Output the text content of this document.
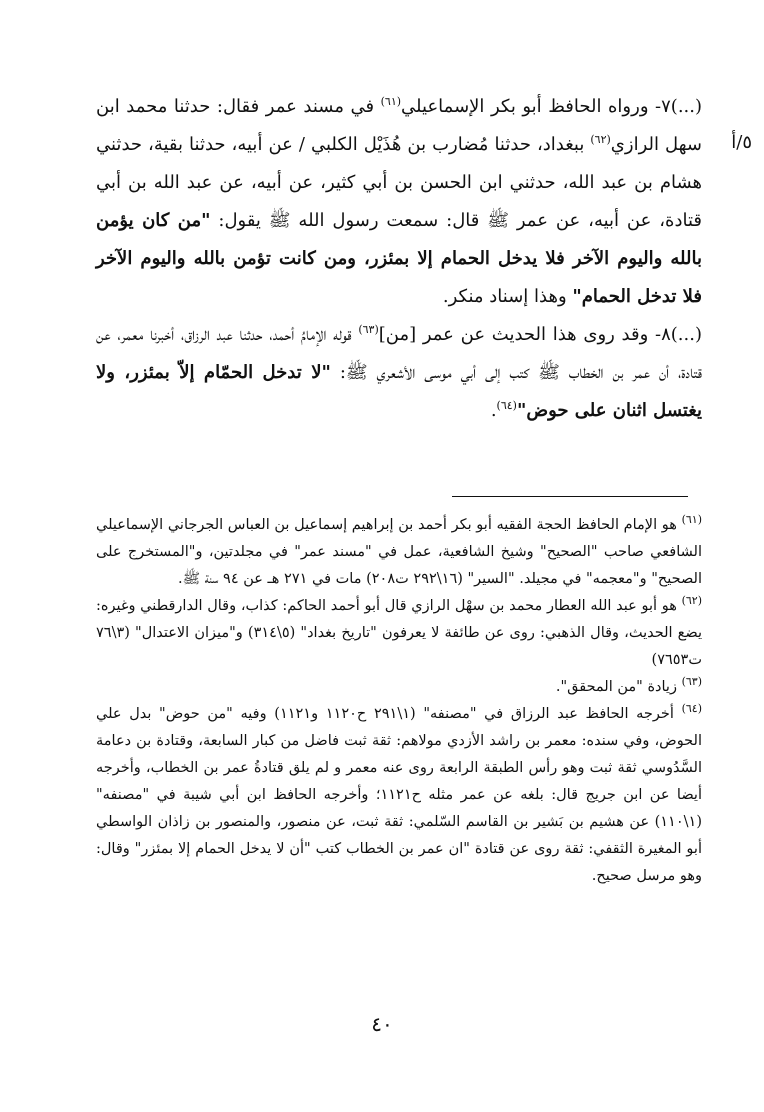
٥/أ

(...)٧- ورواه الحافظ أبو بكر الإسماعيلي$^{(٦١)}$ في مسند عمر فقال: حدثنا محمد ابن سهل الرازي$^{(٦٢)}$ ببغداد، حدثنا مُضارب بن هُذَيْل الكلبي / عن أبيه، حدثنا بقية، حدثني هشام بن عبد الله، حدثني ابن الحسن بن أبي كثير، عن أبيه، عن عبد الله بن أبي قتادة، عن أبيه، عن عمر ﷺ قال: سمعت رسول الله ﷺ يقول: "من كان يؤمن بالله واليوم الآخر فلا يدخل الحمام إلا بمئزر، ومن كانت تؤمن بالله واليوم الآخر فلا تدخل الحمام" وهذا إسناد منكر.

(...)٨- وقد روى هذا الحديث عن عمر [من]$^{(٦٣)}$ قوله الإمامُ أحمد، حدثنا عبد الرزاق، أخبرنا معمر، عن قتادة، أن عمر بن الخطاب ﷺ كتب إلى أبي موسى الأشعري ﷺ: "لا تدخل الحمّام إلاّ بمئزر، ولا يغتسل اثنان على حوض"$^{(٦٤)}$.

$^{(٦١)}$ هو الإمام الحافظ الحجة الفقيه أبو بكر أحمد بن إبراهيم إسماعيل بن العباس الجرجاني الإسماعيلي الشافعي صاحب "الصحيح" وشيخ الشافعية، عمل في "مسند عمر" في مجلدتين، و"المستخرج على الصحيح" و"معجمه" في مجيلد. "السير" (١٦\٢٩٢ ت٢٠٨) مات في ٢٧١ هـ عن ٩٤ سنة ﷺ.

$^{(٦٢)}$ هو أبو عبد الله العطار محمد بن سهْل الرازي قال أبو أحمد الحاكم: كذاب، وقال الدارقطني وغيره: يضع الحديث، وقال الذهبي: روى عن طائفة لا يعرفون "تاريخ بغداد" (٥\٣١٤) و"ميزان الاعتدال" (٣\٧٦ ت٧٦٥٣)

$^{(٦٣)}$ زيادة "من المحقق".

$^{(٦٤)}$ أخرجه الحافظ عبد الرزاق في "مصنفه" (١\٢٩١ ح١١٢٠ و١١٢١) وفيه "من حوض" بدل علي الحوض، وفي سنده: معمر بن راشد الأزدي مولاهم: ثقة ثبت فاضل من كبار السابعة، وقتادة بن دعامة السَّدُوسي ثقة ثبت وهو رأس الطبقة الرابعة روى عنه معمر و لم يلق قتادةُ عمر بن الخطاب، وأخرجه أيضا عن ابن جريج قال: بلغه عن عمر مثله ح١١٢١؛ وأخرجه الحافظ ابن أبي شيبة في "مصنفه" (١\١١٠) عن هشيم بن بَشير بن القاسم السّلمي: ثقة ثبت، عن منصور، والمنصور بن زاذان الواسطي أبو المغيرة الثقفي: ثقة روى عن قتادة "ان عمر بن الخطاب كتب "أن لا يدخل الحمام إلا بمئزر" وقال: وهو مرسل صحيح.

٤٠
